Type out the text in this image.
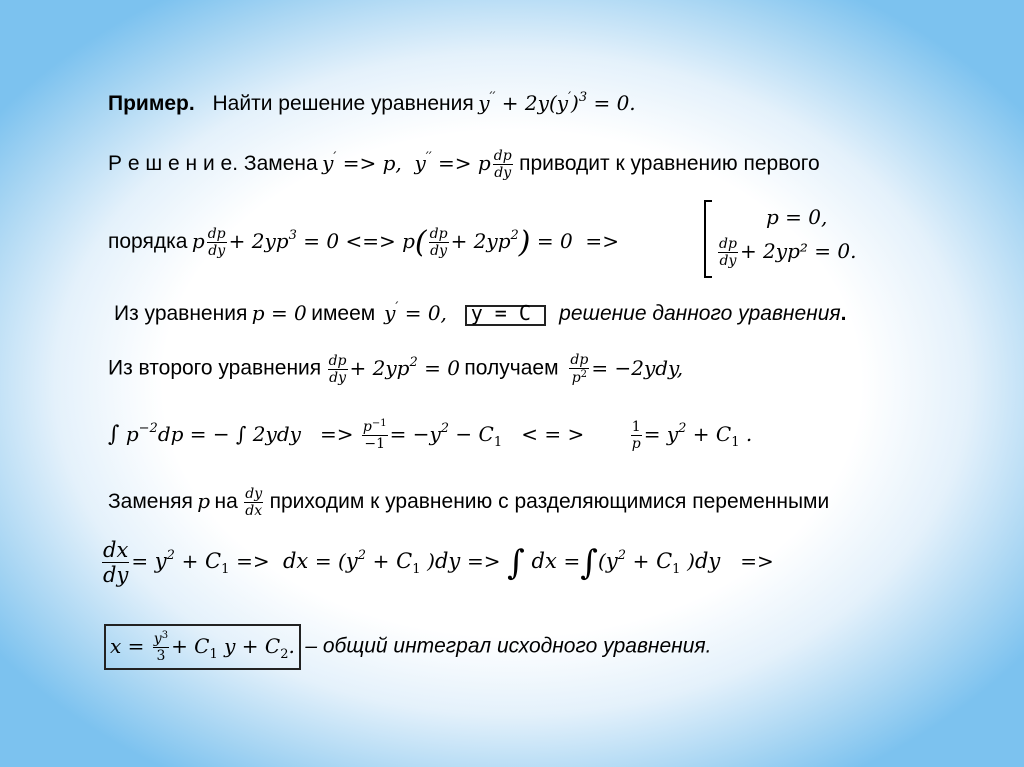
Пример. Найти решение уравнения $y'' + 2y(y')^3 = 0$.
Р е ш е н и е. Замена y′ => p,  y′′ => p $\frac{dp}{dy}$ приводит к уравнению первого
порядка p $\frac{dp}{dy} + 2yp^3 = 0$ <=> $p( \frac{dp}{dy} + 2yp^2) = 0$  =>
p = 0,
$\frac{dp}{dy} + 2yp^2 = 0$.
Из уравнения p = 0 имеем y′ = 0, y = C решение данного уравнения.
Из второго уравнения $\frac{dp}{dy} + 2yp^2 = 0$ получаем $\frac{dp}{p^2} = -2ydy$,
∫ $p^{-2}dp$ = − ∫ $2ydy => \frac{p^{-1}}{-1} = -y^2 - C_1$ < = >	$\frac{1}{p} = y^2 + C_1$ .
Заменяя p на $\frac{dy}{dx}$ приходим к уравнению с разделяющимися переменными
$\frac{dx}{dy} = y^2 + C_1$ =>  dx = ($y^2 + C_1$ )dy => ∫ dx $=\int(y^2 + C_1$ )dy   =>
$x = \frac{y^3}{3} + C_1$ $y + C_2$. – общий интеграл исходного уравнения.
